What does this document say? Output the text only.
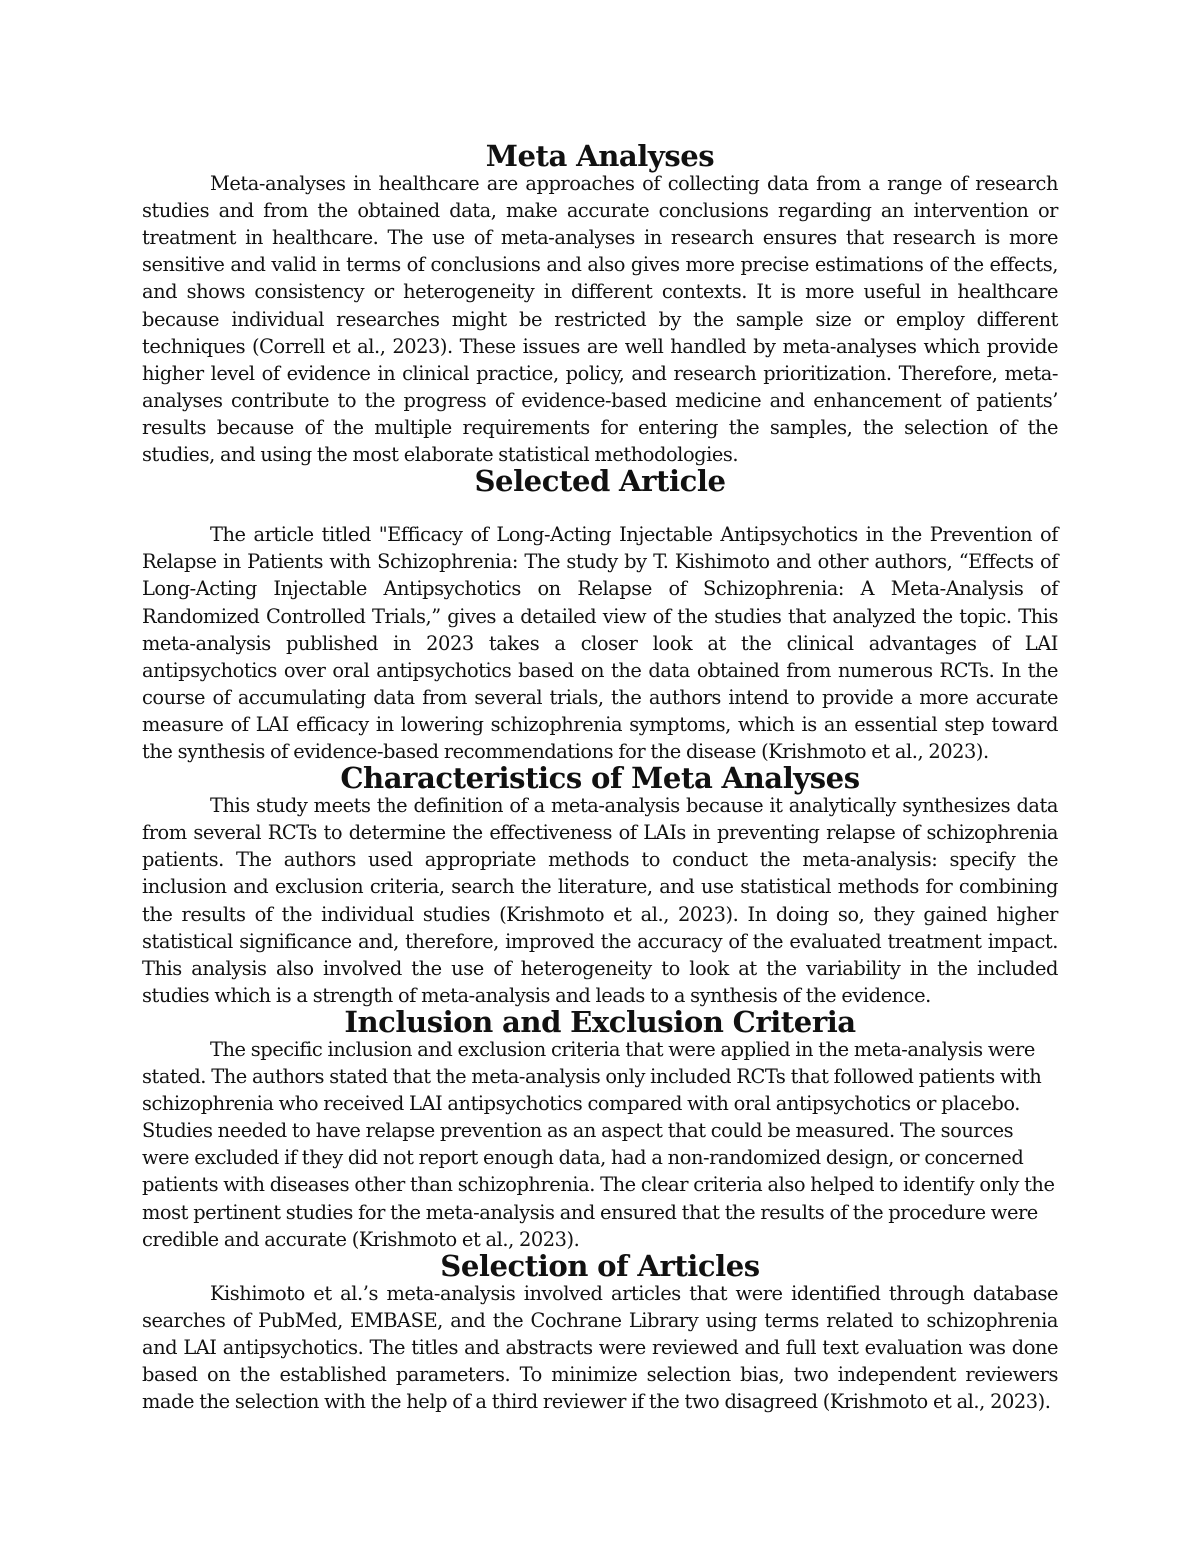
Meta Analyses

Meta-analyses in healthcare are approaches of collecting data from a range of research studies and from the obtained data, make accurate conclusions regarding an intervention or treatment in healthcare. The use of meta-analyses in research ensures that research is more sensitive and valid in terms of conclusions and also gives more precise estimations of the effects, and shows consistency or heterogeneity in different contexts. It is more useful in healthcare because individual researches might be restricted by the sample size or employ different techniques (Correll et al., 2023). These issues are well handled by meta-analyses which provide higher level of evidence in clinical practice, policy, and research prioritization. Therefore, meta-analyses contribute to the progress of evidence-based medicine and enhancement of patients’ results because of the multiple requirements for entering the samples, the selection of the studies, and using the most elaborate statistical methodologies.

Selected Article

The article titled "Efficacy of Long-Acting Injectable Antipsychotics in the Prevention of Relapse in Patients with Schizophrenia: The study by T. Kishimoto and other authors, “Effects of Long-Acting Injectable Antipsychotics on Relapse of Schizophrenia: A Meta-Analysis of Randomized Controlled Trials,” gives a detailed view of the studies that analyzed the topic. This meta-analysis published in 2023 takes a closer look at the clinical advantages of LAI antipsychotics over oral antipsychotics based on the data obtained from numerous RCTs. In the course of accumulating data from several trials, the authors intend to provide a more accurate measure of LAI efficacy in lowering schizophrenia symptoms, which is an essential step toward the synthesis of evidence-based recommendations for the disease (Krishmoto et al., 2023).

Characteristics of Meta Analyses

This study meets the definition of a meta-analysis because it analytically synthesizes data from several RCTs to determine the effectiveness of LAIs in preventing relapse of schizophrenia patients. The authors used appropriate methods to conduct the meta-analysis: specify the inclusion and exclusion criteria, search the literature, and use statistical methods for combining the results of the individual studies (Krishmoto et al., 2023). In doing so, they gained higher statistical significance and, therefore, improved the accuracy of the evaluated treatment impact. This analysis also involved the use of heterogeneity to look at the variability in the included studies which is a strength of meta-analysis and leads to a synthesis of the evidence.

Inclusion and Exclusion Criteria

The specific inclusion and exclusion criteria that were applied in the meta-analysis were stated. The authors stated that the meta-analysis only included RCTs that followed patients with schizophrenia who received LAI antipsychotics compared with oral antipsychotics or placebo. Studies needed to have relapse prevention as an aspect that could be measured. The sources were excluded if they did not report enough data, had a non-randomized design, or concerned patients with diseases other than schizophrenia. The clear criteria also helped to identify only the most pertinent studies for the meta-analysis and ensured that the results of the procedure were credible and accurate (Krishmoto et al., 2023).

Selection of Articles

Kishimoto et al.’s meta-analysis involved articles that were identified through database searches of PubMed, EMBASE, and the Cochrane Library using terms related to schizophrenia and LAI antipsychotics. The titles and abstracts were reviewed and full text evaluation was done based on the established parameters. To minimize selection bias, two independent reviewers made the selection with the help of a third reviewer if the two disagreed (Krishmoto et al., 2023).
